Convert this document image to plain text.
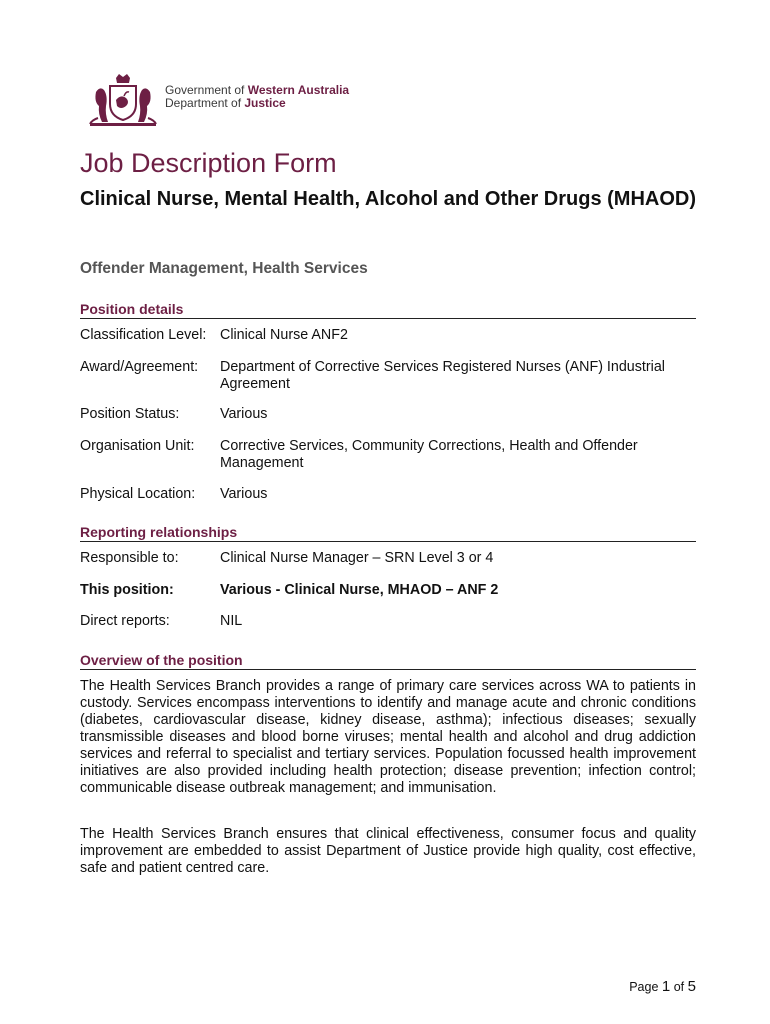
Government of Western Australia
Department of Justice
Job Description Form
Clinical Nurse, Mental Health, Alcohol and Other Drugs (MHAOD)
Offender Management, Health Services
Position details
Classification Level: Clinical Nurse ANF2
Award/Agreement: Department of Corrective Services Registered Nurses (ANF) Industrial Agreement
Position Status:	Various
Organisation Unit: Corrective Services, Community Corrections, Health and Offender Management
Physical Location: Various
Reporting relationships
Responsible to:	Clinical Nurse Manager – SRN Level 3 or 4
This position:	Various - Clinical Nurse, MHAOD – ANF 2
Direct reports:	NIL
Overview of the position
The Health Services Branch provides a range of primary care services across WA to patients in custody. Services encompass interventions to identify and manage acute and chronic conditions (diabetes, cardiovascular disease, kidney disease, asthma); infectious diseases; sexually transmissible diseases and blood borne viruses; mental health and alcohol and drug addiction services and referral to specialist and tertiary services. Population focussed health improvement initiatives are also provided including health protection; disease prevention; infection control; communicable disease outbreak management; and immunisation.
The Health Services Branch ensures that clinical effectiveness, consumer focus and quality improvement are embedded to assist Department of Justice provide high quality, cost effective, safe and patient centred care.
Page 1 of 5
